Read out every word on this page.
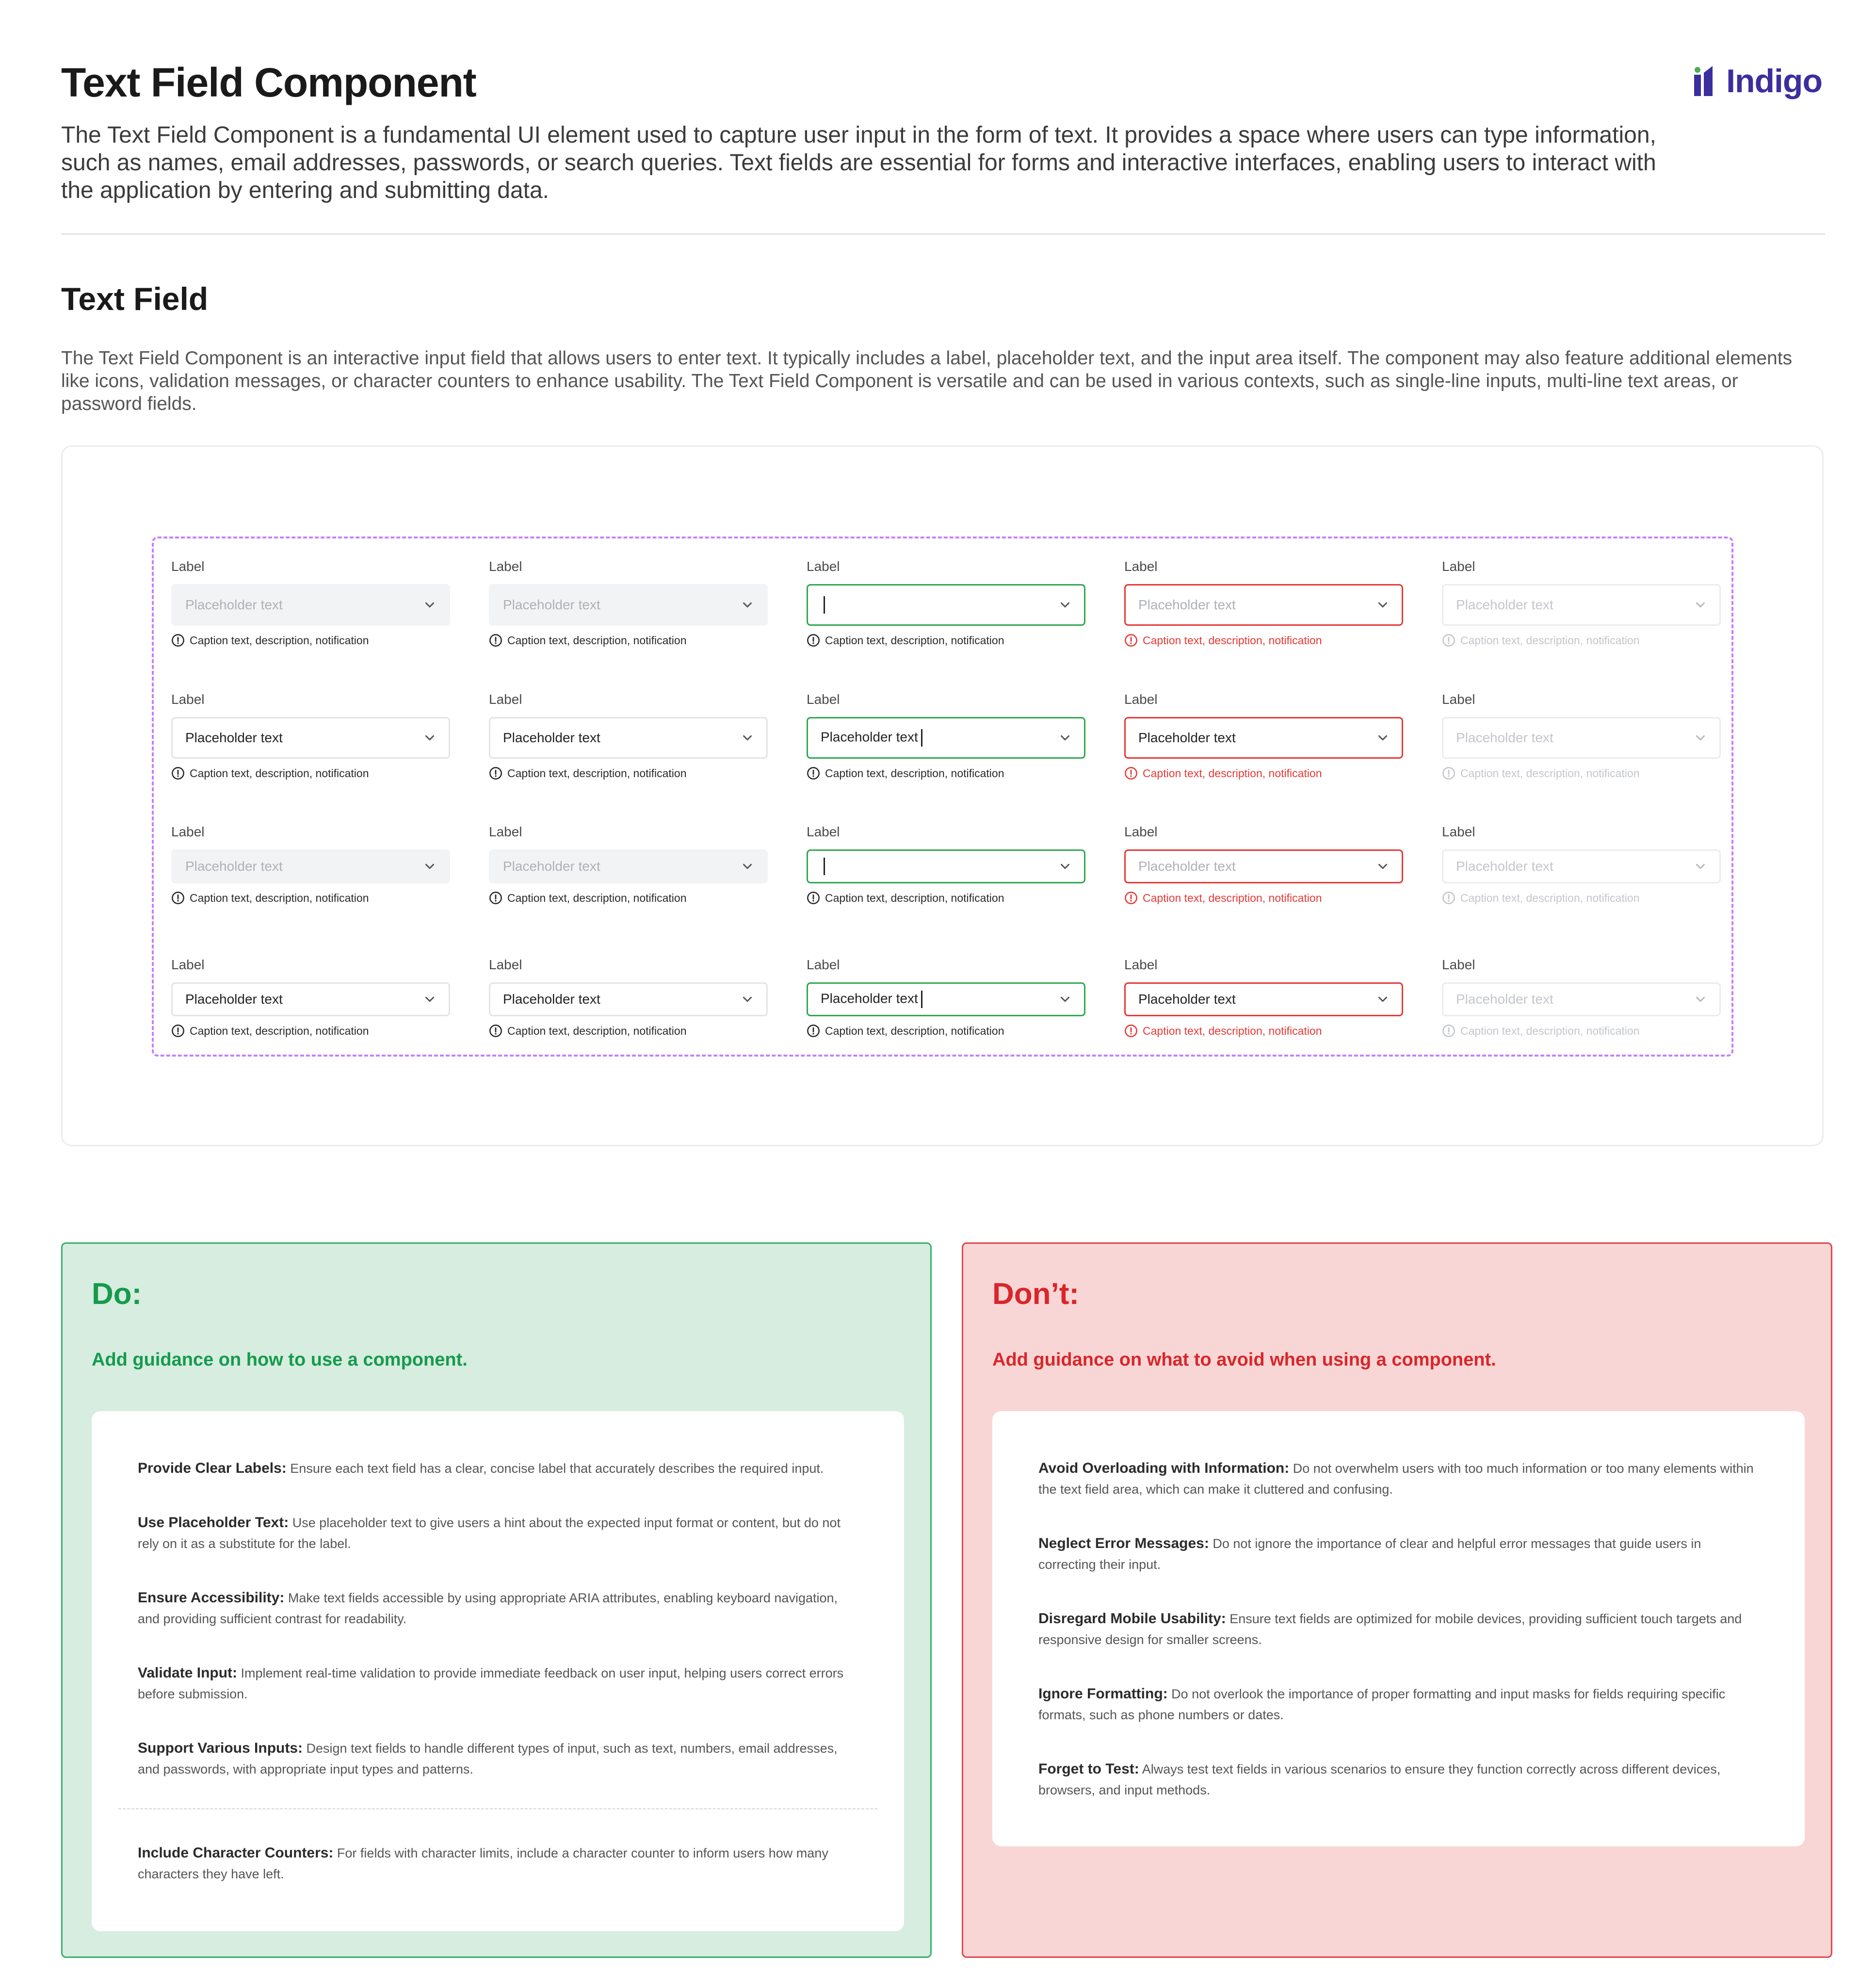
Text Field Component	Indigo

The Text Field Component is a fundamental UI element used to capture user input in the form of text. It provides a space where users can type information, such as names, email addresses, passwords, or search queries. Text fields are essential for forms and interactive interfaces, enabling users to interact with the application by entering and submitting data.

Text Field

The Text Field Component is an interactive input field that allows users to enter text. It typically includes a label, placeholder text, and the input area itself. The component may also feature additional elements like icons, validation messages, or character counters to enhance usability. The Text Field Component is versatile and can be used in various contexts, such as single-line inputs, multi-line text areas, or password fields.

Label
Placeholder text
Caption text, description, notification
Label
Placeholder text
Caption text, description, notification
Label
Caption text, description, notification
Label
Placeholder text
Caption text, description, notification
Label
Placeholder text
Caption text, description, notification
Label
Placeholder text
Caption text, description, notification
Label
Placeholder text
Caption text, description, notification
Label
Placeholder text
Caption text, description, notification
Label
Placeholder text
Caption text, description, notification
Label
Placeholder text
Caption text, description, notification
Label
Placeholder text
Caption text, description, notification
Label
Placeholder text
Caption text, description, notification
Label
Caption text, description, notification
Label
Placeholder text
Caption text, description, notification
Label
Placeholder text
Caption text, description, notification
Label
Placeholder text
Caption text, description, notification
Label
Placeholder text
Caption text, description, notification
Label
Placeholder text
Caption text, description, notification
Label
Placeholder text
Caption text, description, notification
Label
Placeholder text
Caption text, description, notification
Do:

Add guidance on how to use a component.

Provide Clear Labels: Ensure each text field has a clear, concise label that accurately describes the required input.

Use Placeholder Text: Use placeholder text to give users a hint about the expected input format or content, but do not rely on it as a substitute for the label.

Ensure Accessibility: Make text fields accessible by using appropriate ARIA attributes, enabling keyboard navigation, and providing sufficient contrast for readability.

Validate Input: Implement real-time validation to provide immediate feedback on user input, helping users correct errors before submission.

Support Various Inputs: Design text fields to handle different types of input, such as text, numbers, email addresses, and passwords, with appropriate input types and patterns.

Include Character Counters: For fields with character limits, include a character counter to inform users how many characters they have left.

Don’t:

Add guidance on what to avoid when using a component.

Avoid Overloading with Information: Do not overwhelm users with too much information or too many elements within the text field area, which can make it cluttered and confusing.

Neglect Error Messages: Do not ignore the importance of clear and helpful error messages that guide users in correcting their input.

Disregard Mobile Usability: Ensure text fields are optimized for mobile devices, providing sufficient touch targets and responsive design for smaller screens.

Ignore Formatting: Do not overlook the importance of proper formatting and input masks for fields requiring specific formats, such as phone numbers or dates.

Forget to Test: Always test text fields in various scenarios to ensure they function correctly across different devices, browsers, and input methods.
